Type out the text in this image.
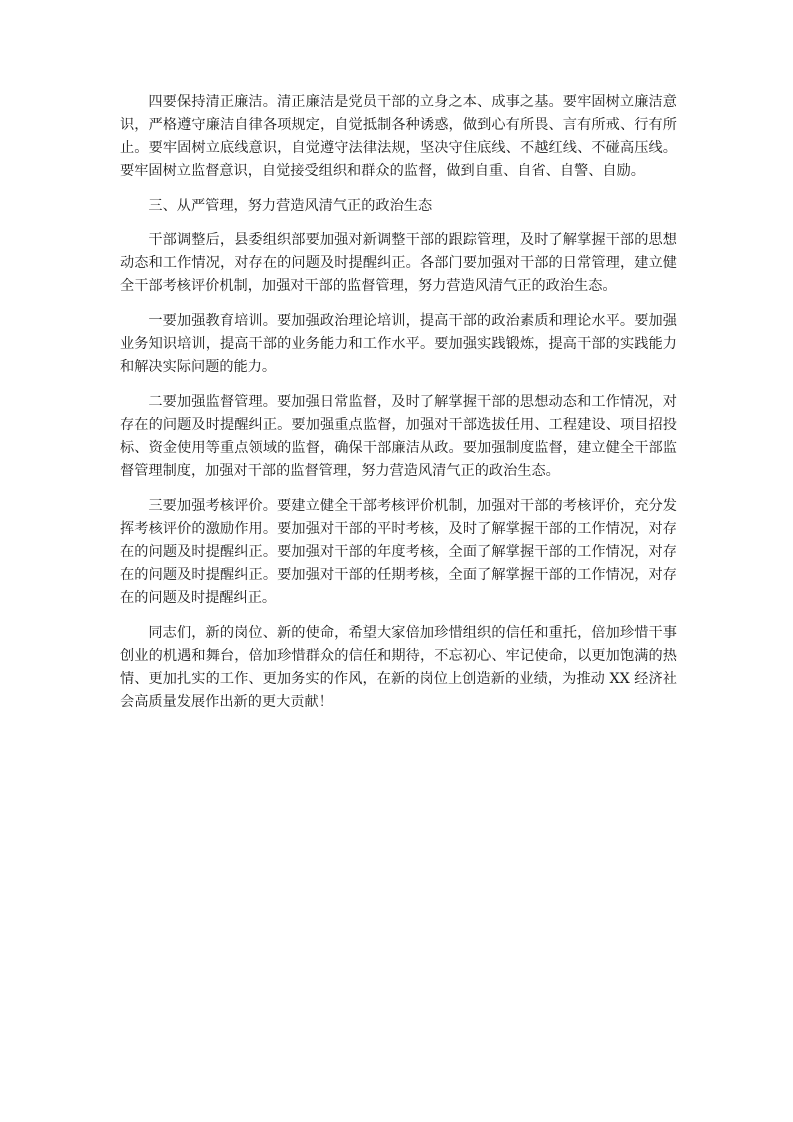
四要保持清正廉洁。清正廉洁是党员干部的立身之本、成事之基。要牢固树立廉洁意识，严格遵守廉洁自律各项规定，自觉抵制各种诱惑，做到心有所畏、言有所戒、行有所止。要牢固树立底线意识，自觉遵守法律法规，坚决守住底线、不越红线、不碰高压线。要牢固树立监督意识，自觉接受组织和群众的监督，做到自重、自省、自警、自励。

三、从严管理，努力营造风清气正的政治生态

干部调整后，县委组织部要加强对新调整干部的跟踪管理，及时了解掌握干部的思想动态和工作情况，对存在的问题及时提醒纠正。各部门要加强对干部的日常管理，建立健全干部考核评价机制，加强对干部的监督管理，努力营造风清气正的政治生态。

一要加强教育培训。要加强政治理论培训，提高干部的政治素质和理论水平。要加强业务知识培训，提高干部的业务能力和工作水平。要加强实践锻炼，提高干部的实践能力和解决实际问题的能力。

二要加强监督管理。要加强日常监督，及时了解掌握干部的思想动态和工作情况，对存在的问题及时提醒纠正。要加强重点监督，加强对干部选拔任用、工程建设、项目招投标、资金使用等重点领域的监督，确保干部廉洁从政。要加强制度监督，建立健全干部监督管理制度，加强对干部的监督管理，努力营造风清气正的政治生态。

三要加强考核评价。要建立健全干部考核评价机制，加强对干部的考核评价，充分发挥考核评价的激励作用。要加强对干部的平时考核，及时了解掌握干部的工作情况，对存在的问题及时提醒纠正。要加强对干部的年度考核，全面了解掌握干部的工作情况，对存在的问题及时提醒纠正。要加强对干部的任期考核，全面了解掌握干部的工作情况，对存在的问题及时提醒纠正。

同志们，新的岗位、新的使命，希望大家倍加珍惜组织的信任和重托，倍加珍惜干事创业的机遇和舞台，倍加珍惜群众的信任和期待，不忘初心、牢记使命，以更加饱满的热情、更加扎实的工作、更加务实的作风，在新的岗位上创造新的业绩，为推动 XX 经济社会高质量发展作出新的更大贡献！
